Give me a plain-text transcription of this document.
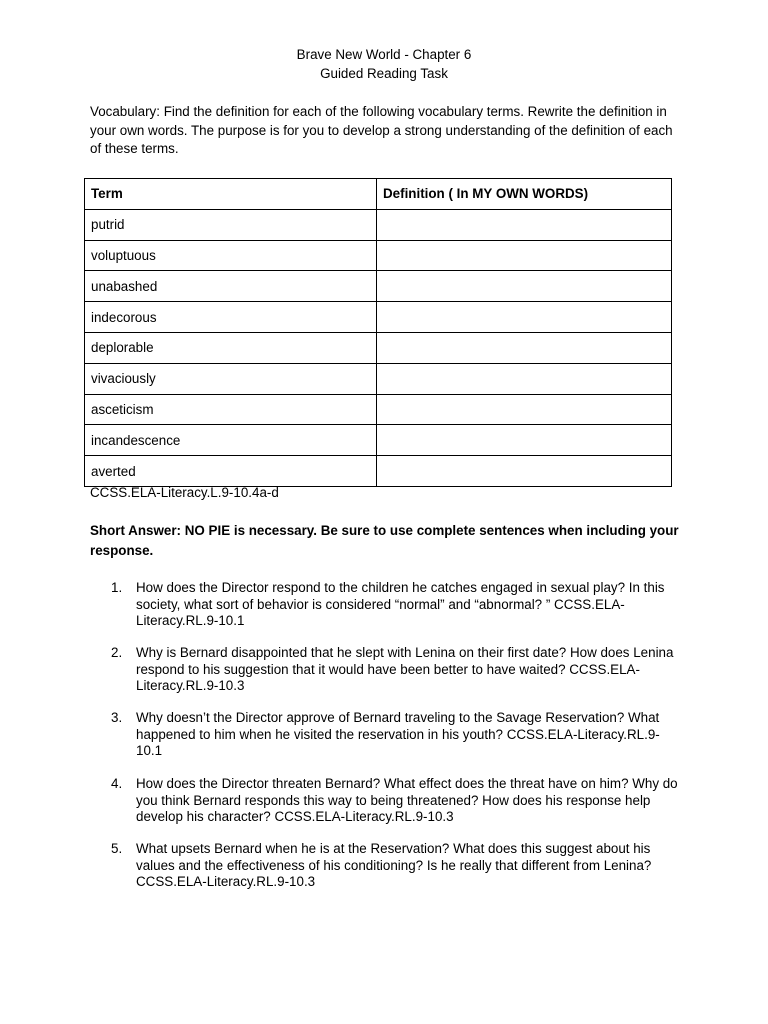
Brave New World - Chapter 6
Guided Reading Task
Vocabulary: Find the definition for each of the following vocabulary terms. Rewrite the definition in your own words. The purpose is for you to develop a strong understanding of the definition of each of these terms.
Term	Definition ( In MY OWN WORDS)
putrid	
voluptuous	
unabashed	
indecorous	
deplorable	
vivaciously	
asceticism	
incandescence	
averted	
CCSS.ELA-Literacy.L.9-10.4a-d
Short Answer: NO PIE is necessary. Be sure to use complete sentences when including your response.
1.	How does the Director respond to the children he catches engaged in sexual play? In this society, what sort of behavior is considered “normal” and “abnormal? ” CCSS.ELA-Literacy.RL.9-10.1
2.	Why is Bernard disappointed that he slept with Lenina on their first date? How does Lenina respond to his suggestion that it would have been better to have waited? CCSS.ELA-Literacy.RL.9-10.3
3.	Why doesn’t the Director approve of Bernard traveling to the Savage Reservation? What happened to him when he visited the reservation in his youth? CCSS.ELA-Literacy.RL.9-10.1
4.	How does the Director threaten Bernard? What effect does the threat have on him? Why do you think Bernard responds this way to being threatened? How does his response help develop his character? CCSS.ELA-Literacy.RL.9-10.3
5.	What upsets Bernard when he is at the Reservation? What does this suggest about his values and the effectiveness of his conditioning? Is he really that different from Lenina? CCSS.ELA-Literacy.RL.9-10.3
